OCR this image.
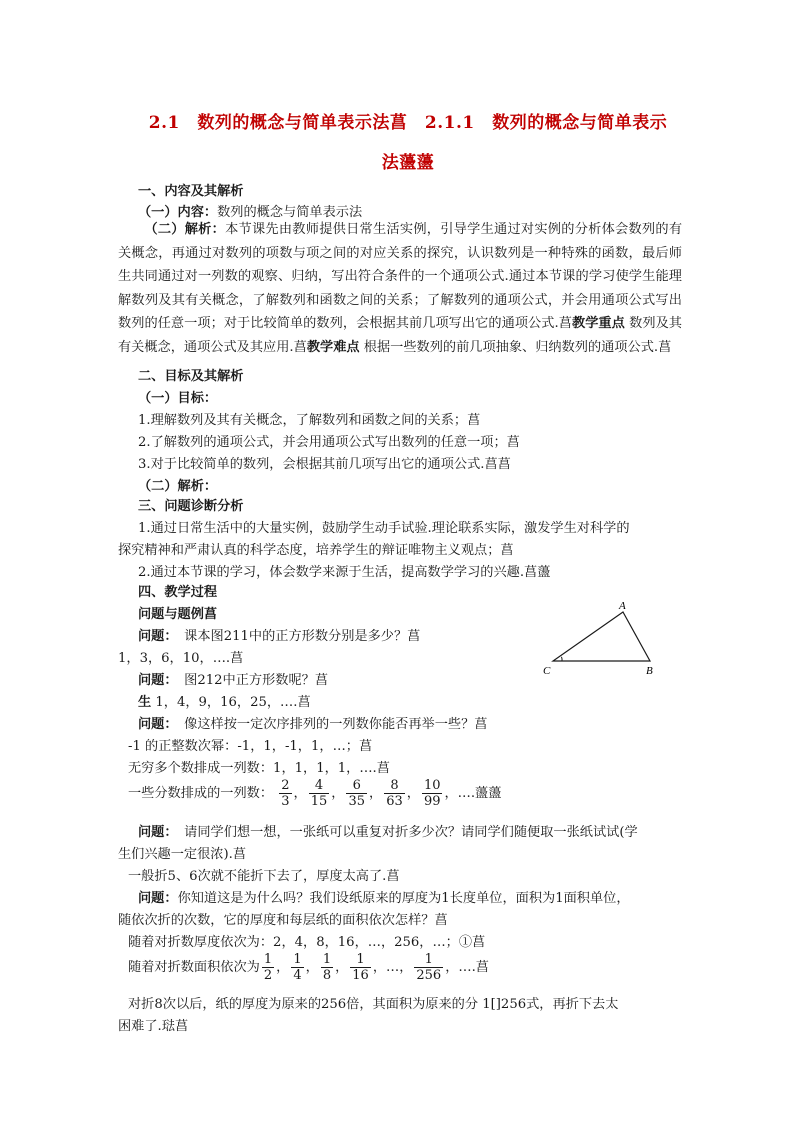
2.1　数列的概念与简单表示法菖　2.1.1　数列的概念与简单表示
法蘯蘯
一、内容及其解析
（一）内容：数列的概念与简单表示法
（二）解析：本节课先由教师提供日常生活实例，引导学生通过对实例的分析体会数列的有关概念，再通过对数列的项数与项之间的对应关系的探究，认识数列是一种特殊的函数，最后师生共同通过对一列数的观察、归纳，写出符合条件的一个通项公式.通过本节课的学习使学生能理解数列及其有关概念，了解数列和函数之间的关系；了解数列的通项公式，并会用通项公式写出数列的任意一项；对于比较简单的数列，会根据其前几项写出它的通项公式.菖教学重点 数列及其有关概念，通项公式及其应用.菖教学难点 根据一些数列的前几项抽象、归纳数列的通项公式.菖
二、目标及其解析
（一）目标：
1.理解数列及其有关概念，了解数列和函数之间的关系；菖
2.了解数列的通项公式，并会用通项公式写出数列的任意一项；菖
3.对于比较简单的数列，会根据其前几项写出它的通项公式.菖菖
（二）解析：
三、问题诊断分析
1.通过日常生活中的大量实例，鼓励学生动手试验.理论联系实际，激发学生对科学的
探究精神和严肃认真的科学态度，培养学生的辩证唯物主义观点；菖
2.通过本节课的学习，体会数学来源于生活，提高数学学习的兴趣.菖蘯
四、教学过程
问题与题例菖
问题：　 课本图211中的正方形数分别是多少？菖
1，3，6，10，….菖
问题：　 图212中正方形数呢？菖
生 1，4，9，16，25，….菖
问题：　 像这样按一定次序排列的一列数你能否再举一些？菖
-1 的正整数次幂：-1，1，-1，1，…；菖
无穷多个数排成一列数：1，1，1，1，….菖
一些分数排成的一列数： $\frac{2}{3}$ ， $\frac{4}{15}$ ， $\frac{6}{35}$ ， $\frac{8}{63}$ ， $\frac{10}{99}$ ，….蘯蘯
问题：　 请同学们想一想，一张纸可以重复对折多少次？请同学们随便取一张纸试试(学
生们兴趣一定很浓).菖
一般折5、6次就不能折下去了，厚度太高了.菖
问题：你知道这是为什么吗？我们设纸原来的厚度为1长度单位，面积为1面积单位，
随依次折的次数，它的厚度和每层纸的面积依次怎样？菖
随着对折数厚度依次为：2，4，8，16，…，256，…；①菖
随着对折数面积依次为 $\frac{1}{2}$ ， $\frac{1}{4}$ ， $\frac{1}{8}$ ， $\frac{1}{16}$ ，…， $\frac{1}{256}$ ，….菖
对折8次以后，纸的厚度为原来的256倍，其面积为原来的分 1[]256式，再折下去太
困难了.琺菖
A
B
C
